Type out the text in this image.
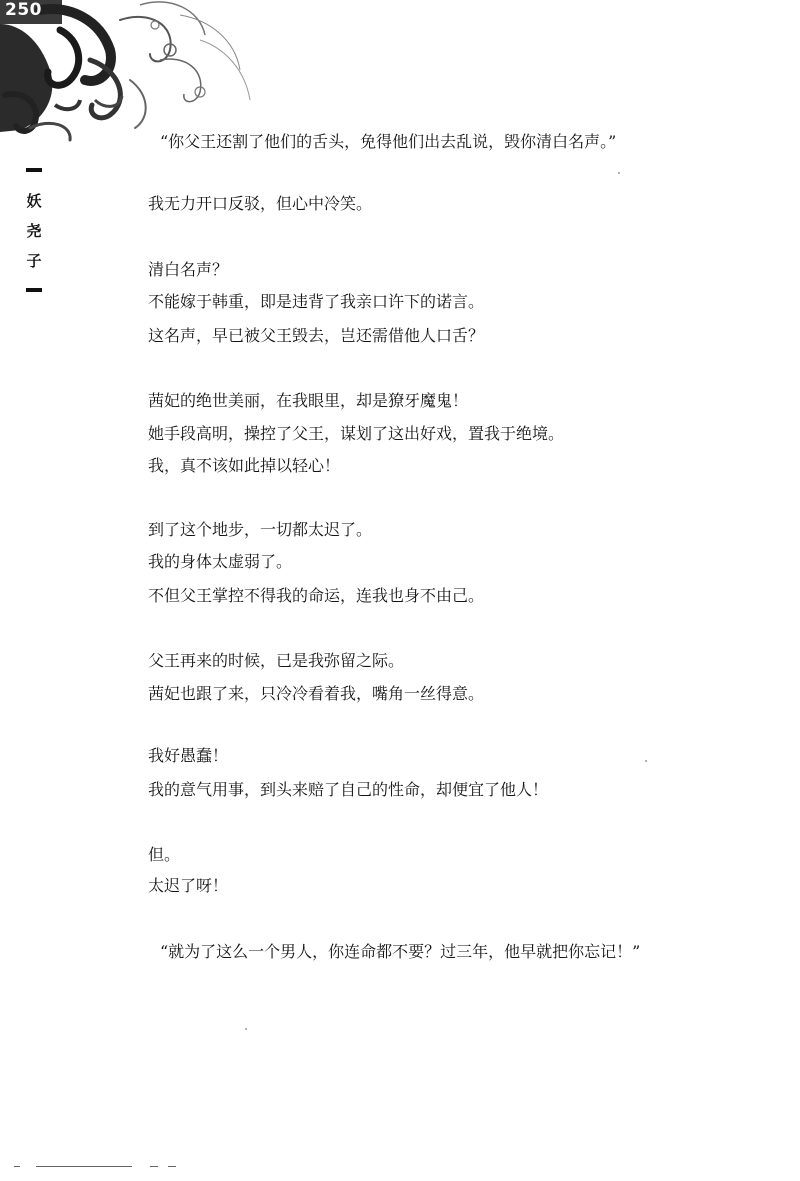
250
妖
尧
子
“你父王还割了他们的舌头，免得他们出去乱说，毁你清白名声。”
我无力开口反驳，但心中冷笑。
清白名声？
不能嫁于韩重，即是违背了我亲口许下的诺言。
这名声，早已被父王毁去，岂还需借他人口舌？
茜妃的绝世美丽，在我眼里，却是獠牙魔鬼！
她手段高明，操控了父王，谋划了这出好戏，置我于绝境。
我，真不该如此掉以轻心！
到了这个地步，一切都太迟了。
我的身体太虚弱了。
不但父王掌控不得我的命运，连我也身不由己。
父王再来的时候，已是我弥留之际。
茜妃也跟了来，只冷冷看着我，嘴角一丝得意。
我好愚蠢！
我的意气用事，到头来赔了自己的性命，却便宜了他人！
但。
太迟了呀！
“就为了这么一个男人，你连命都不要？过三年，他早就把你忘记！”
